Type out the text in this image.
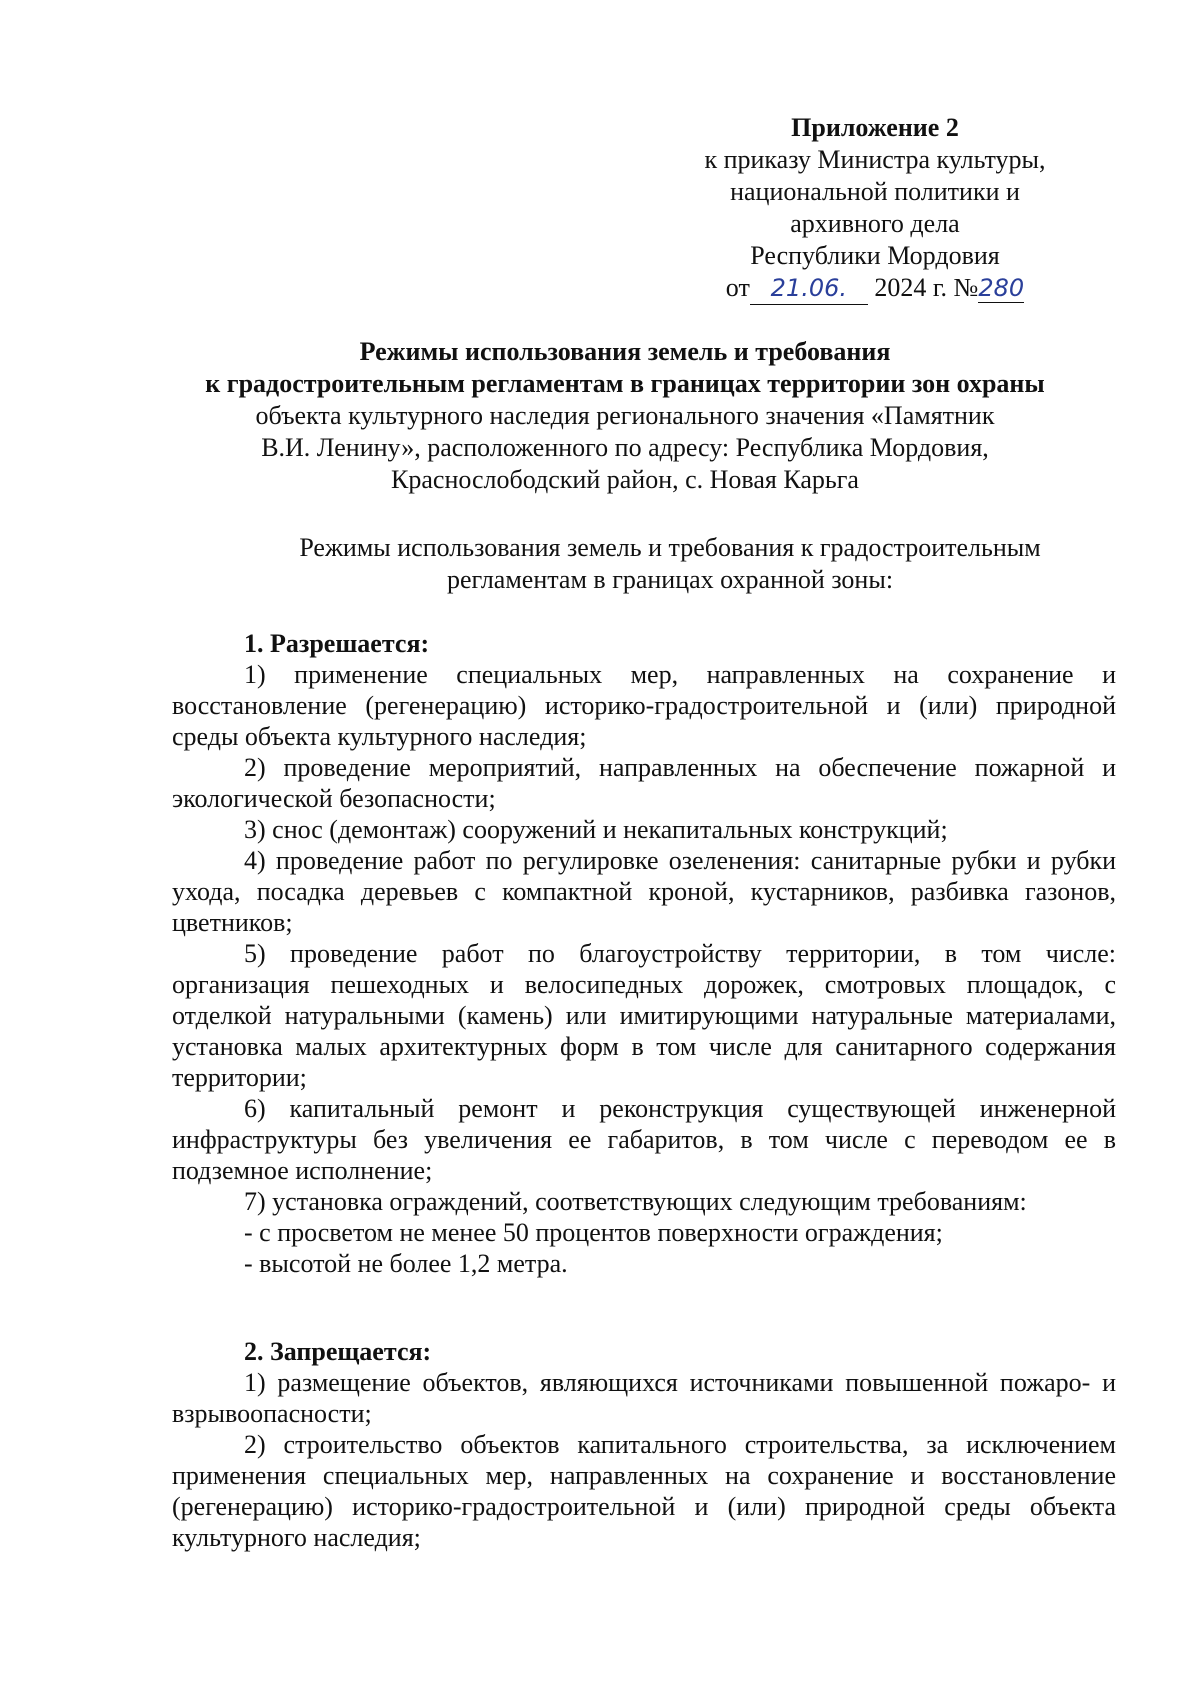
Приложение 2
к приказу Министра культуры,
национальной политики и
архивного дела
Республики Мордовия
от 21.06. 2024 г. №280
Режимы использования земель и требования
к градостроительным регламентам в границах территории зон охраны
объекта культурного наследия регионального значения «Памятник В.И. Ленину», расположенного по адресу: Республика Мордовия, Краснослободский район, с. Новая Карьга
Режимы использования земель и требования к градостроительным регламентам в границах охранной зоны:
1. Разрешается:

1) применение специальных мер, направленных на сохранение и восстановление (регенерацию) историко-градостроительной и (или) природной среды объекта культурного наследия;

2) проведение мероприятий, направленных на обеспечение пожарной и экологической безопасности;

3) снос (демонтаж) сооружений и некапитальных конструкций;

4) проведение работ по регулировке озеленения: санитарные рубки и рубки ухода, посадка деревьев с компактной кроной, кустарников, разбивка газонов, цветников;

5) проведение работ по благоустройству территории, в том числе: организация пешеходных и велосипедных дорожек, смотровых площадок, с отделкой натуральными (камень) или имитирующими натуральные материалами, установка малых архитектурных форм в том числе для санитарного содержания территории;

6) капитальный ремонт и реконструкция существующей инженерной инфраструктуры без увеличения ее габаритов, в том числе с переводом ее в подземное исполнение;

7) установка ограждений, соответствующих следующим требованиям:

- с просветом не менее 50 процентов поверхности ограждения;

- высотой не более 1,2 метра.

2. Запрещается:

1) размещение объектов, являющихся источниками повышенной пожаро- и взрывоопасности;

2) строительство объектов капитального строительства, за исключением применения специальных мер, направленных на сохранение и восстановление (регенерацию) историко-градостроительной и (или) природной среды объекта культурного наследия;
